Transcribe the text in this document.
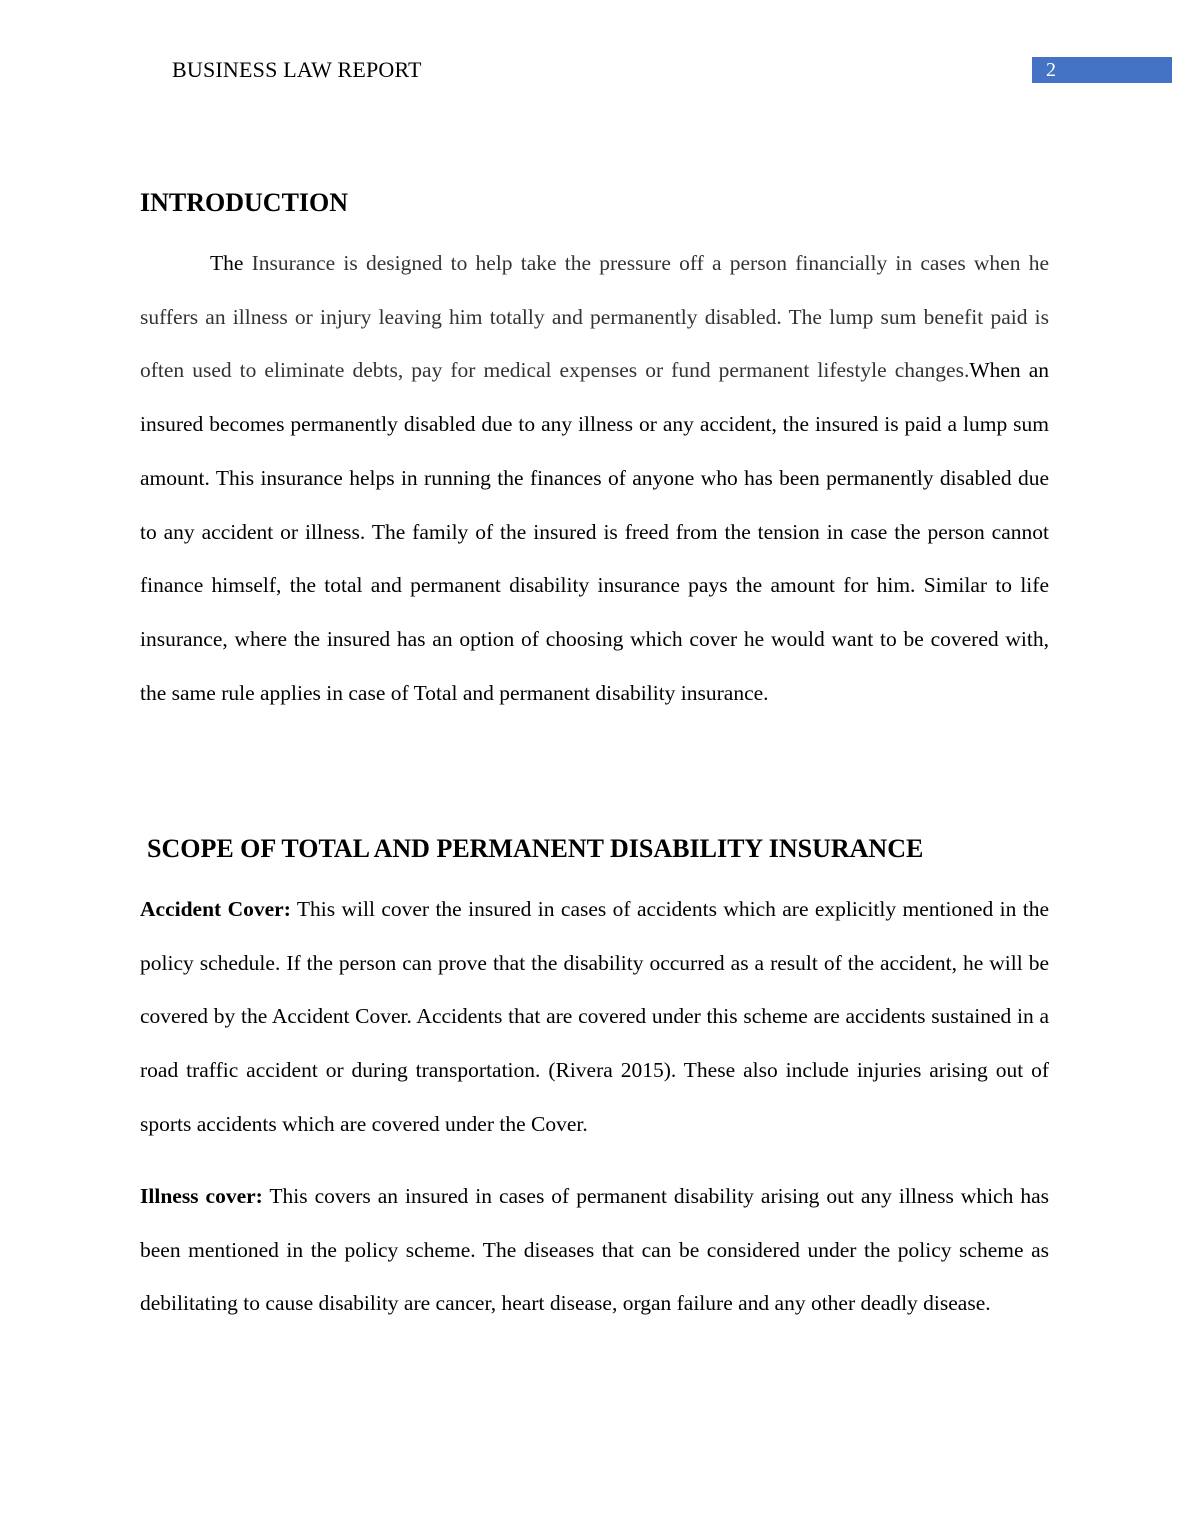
BUSINESS LAW REPORT	2
INTRODUCTION

The Insurance is designed to help take the pressure off a person financially in cases when he suffers an illness or injury leaving him totally and permanently disabled. The lump sum benefit paid is often used to eliminate debts, pay for medical expenses or fund permanent lifestyle changes.When an insured becomes permanently disabled due to any illness or any accident, the insured is paid a lump sum amount. This insurance helps in running the finances of anyone who has been permanently disabled due to any accident or illness. The family of the insured is freed from the tension in case the person cannot finance himself, the total and permanent disability insurance pays the amount for him. Similar to life insurance, where the insured has an option of choosing which cover he would want to be covered with, the same rule applies in case of Total and permanent disability insurance.

SCOPE OF TOTAL AND PERMANENT DISABILITY INSURANCE

Accident Cover: This will cover the insured in cases of accidents which are explicitly mentioned in the policy schedule. If the person can prove that the disability occurred as a result of the accident, he will be covered by the Accident Cover. Accidents that are covered under this scheme are accidents sustained in a road traffic accident or during transportation. (Rivera 2015). These also include injuries arising out of sports accidents which are covered under the Cover.

Illness cover: This covers an insured in cases of permanent disability arising out any illness which has been mentioned in the policy scheme. The diseases that can be considered under the policy scheme as debilitating to cause disability are cancer, heart disease, organ failure and any other deadly disease.
